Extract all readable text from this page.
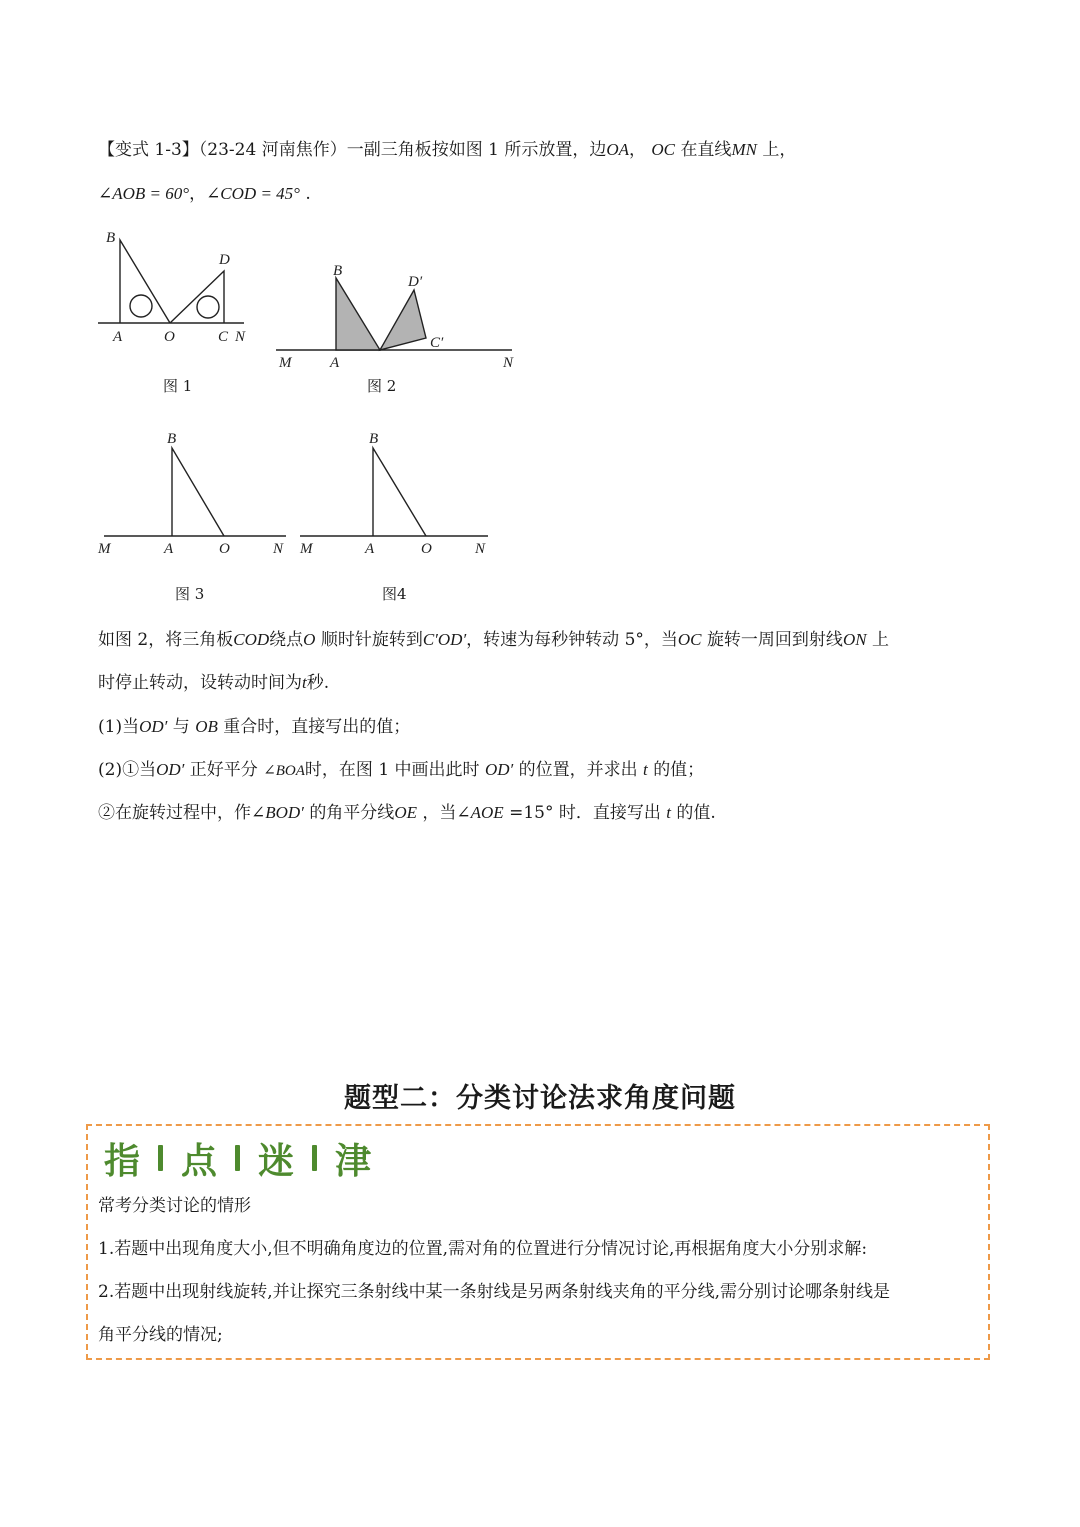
【变式 1-3】（23-24 河南焦作）一副三角板按如图 1 所示放置，边OA， OC 在直线MN 上，
∠AOB = 60°，∠COD = 45° .
B
D
A	O	C N
图 1
B
D′
C′
M	A	N
图 2
B
M	A	O	N
图 3
B
M	A	O	N
图4
如图 2，将三角板COD绕点O 顺时针旋转到C′OD′，转速为每秒钟转动 5°，当OC 旋转一周回到射线ON 上
时停止转动，设转动时间为t秒.
(1)当OD′ 与 OB 重合时，直接写出的值；
(2)①当OD′ 正好平分 ∠BOA时，在图 1 中画出此时 OD′ 的位置，并求出 t 的值；
②在旋转过程中，作∠BOD′ 的角平分线OE ，当∠AOE =15° 时．直接写出 t 的值.
题型二：分类讨论法求角度问题
指 点 迷 津
常考分类讨论的情形
1.若题中出现角度大小,但不明确角度边的位置,需对角的位置进行分情况讨论,再根据角度大小分别求解:
2.若题中出现射线旋转,并让探究三条射线中某一条射线是另两条射线夹角的平分线,需分别讨论哪条射线是
角平分线的情况;
